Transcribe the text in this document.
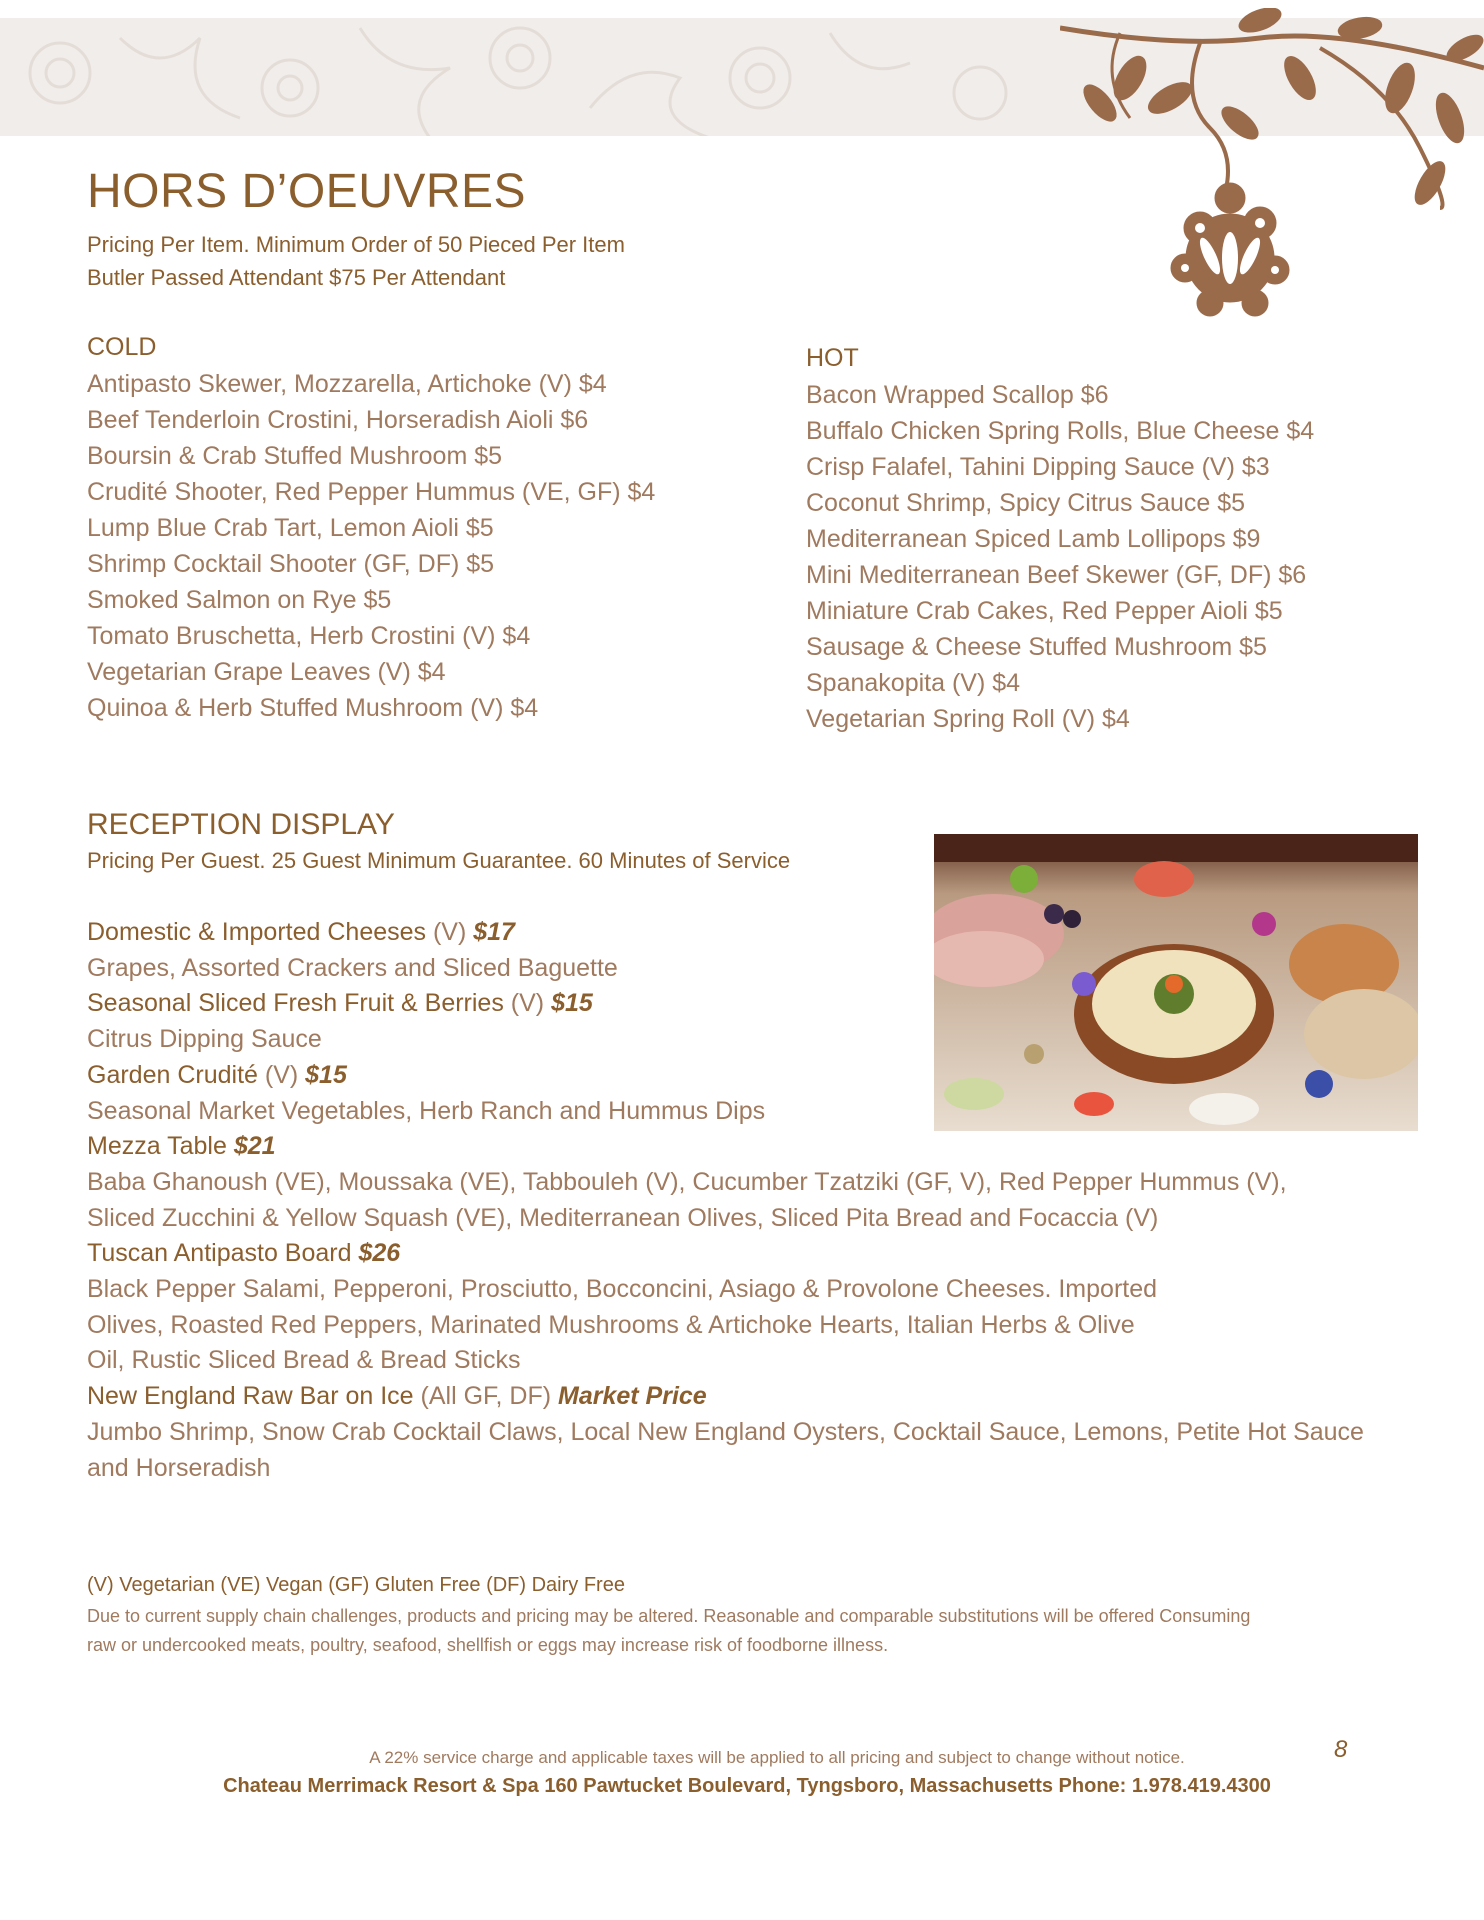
HORS D’OEUVRES
Pricing Per Item. Minimum Order of 50 Pieced Per Item
Butler Passed Attendant $75 Per Attendant
COLD
Antipasto Skewer, Mozzarella, Artichoke (V) $4
Beef Tenderloin Crostini, Horseradish Aioli $6
Boursin & Crab Stuffed Mushroom $5
Crudité Shooter, Red Pepper Hummus (VE, GF) $4
Lump Blue Crab Tart, Lemon Aioli $5
Shrimp Cocktail Shooter (GF, DF) $5
Smoked Salmon on Rye $5
Tomato Bruschetta, Herb Crostini (V) $4
Vegetarian Grape Leaves (V) $4
Quinoa & Herb Stuffed Mushroom (V) $4
HOT
Bacon Wrapped Scallop $6
Buffalo Chicken Spring Rolls, Blue Cheese $4
Crisp Falafel, Tahini Dipping Sauce (V) $3
Coconut Shrimp, Spicy Citrus Sauce $5
Mediterranean Spiced Lamb Lollipops $9
Mini Mediterranean Beef Skewer (GF, DF) $6
Miniature Crab Cakes, Red Pepper Aioli $5
Sausage & Cheese Stuffed Mushroom $5
Spanakopita (V) $4
Vegetarian Spring Roll (V) $4
RECEPTION DISPLAY
Pricing Per Guest. 25 Guest Minimum Guarantee. 60 Minutes of Service
Domestic & Imported Cheeses (V) $17
Grapes, Assorted Crackers and Sliced Baguette
Seasonal Sliced Fresh Fruit & Berries (V) $15
Citrus Dipping Sauce
Garden Crudité (V) $15
Seasonal Market Vegetables, Herb Ranch and Hummus Dips
Mezza Table $21
Baba Ghanoush (VE), Moussaka (VE), Tabbouleh (V), Cucumber Tzatziki (GF, V), Red Pepper Hummus (V),
Sliced Zucchini & Yellow Squash (VE), Mediterranean Olives, Sliced Pita Bread and Focaccia (V)
Tuscan Antipasto Board $26
Black Pepper Salami, Pepperoni, Prosciutto, Bocconcini, Asiago & Provolone Cheeses. Imported
Olives, Roasted Red Peppers, Marinated Mushrooms & Artichoke Hearts, Italian Herbs & Olive
Oil, Rustic Sliced Bread & Bread Sticks
New England Raw Bar on Ice (All GF, DF) Market Price
Jumbo Shrimp, Snow Crab Cocktail Claws, Local New England Oysters, Cocktail Sauce, Lemons, Petite Hot Sauce
and Horseradish
(V) Vegetarian (VE) Vegan (GF) Gluten Free (DF) Dairy Free
Due to current supply chain challenges, products and pricing may be altered. Reasonable and comparable substitutions will be offered Consuming
raw or undercooked meats, poultry, seafood, shellfish or eggs may increase risk of foodborne illness.
A 22% service charge and applicable taxes will be applied to all pricing and subject to change without notice.	8
Chateau Merrimack Resort & Spa 160 Pawtucket Boulevard, Tyngsboro, Massachusetts Phone: 1.978.419.4300
